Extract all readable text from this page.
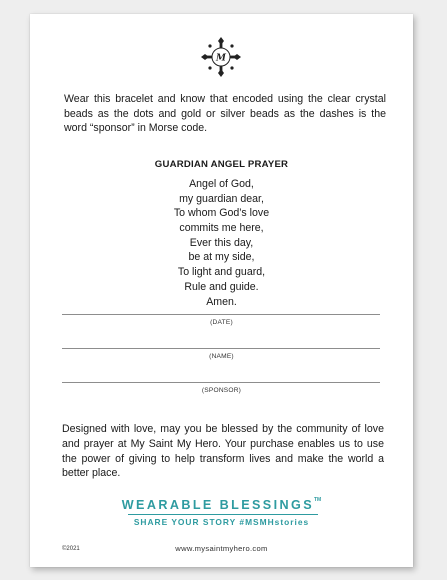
M
Wear this bracelet and know that encoded using the clear crystal beads as the dots and gold or silver beads as the dashes is the word “sponsor” in Morse code.
GUARDIAN ANGEL PRAYER
Angel of God,
my guardian dear,
To whom God’s love
commits me here,
Ever this day,
be at my side,
To light and guard,
Rule and guide.
Amen.
(DATE)
(NAME)
(SPONSOR)
Designed with love, may you be blessed by the community of love and prayer at My Saint My Hero. Your purchase enables us to use the power of giving to help transform lives and make the world a better place.
WEARABLE BLESSINGS™
SHARE YOUR STORY #MSMHstories
©2021	www.mysaintmyhero.com
